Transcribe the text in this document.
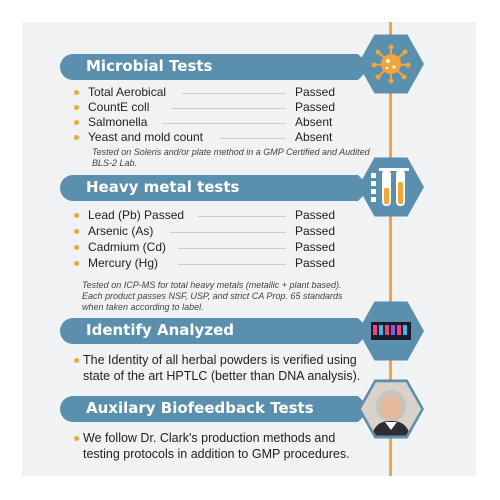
Microbial Tests
Total Aerobical	Passed
CountE coll	Passed
Salmonella	Absent
Yeast and mold count	Absent
Tested on Soleris and/or plate method in a GMP Certified and Audited
BLS-2 Lab.
Heavy metal tests
Lead (Pb) Passed	Passed
Arsenic (As)	Passed
Cadmium (Cd)	Passed
Mercury (Hg)	Passed
Tested on ICP-MS for total heavy metals (metallic + plant based).
Each product passes NSF, USP, and strict CA Prop. 65 standards
when taken according to label.
Identify Analyzed
The Identity of all herbal powders is verified using
state of the art HPTLC (better than DNA analysis).
Auxilary Biofeedback Tests
We follow Dr. Clark's production methods and
testing protocols in addition to GMP procedures.
